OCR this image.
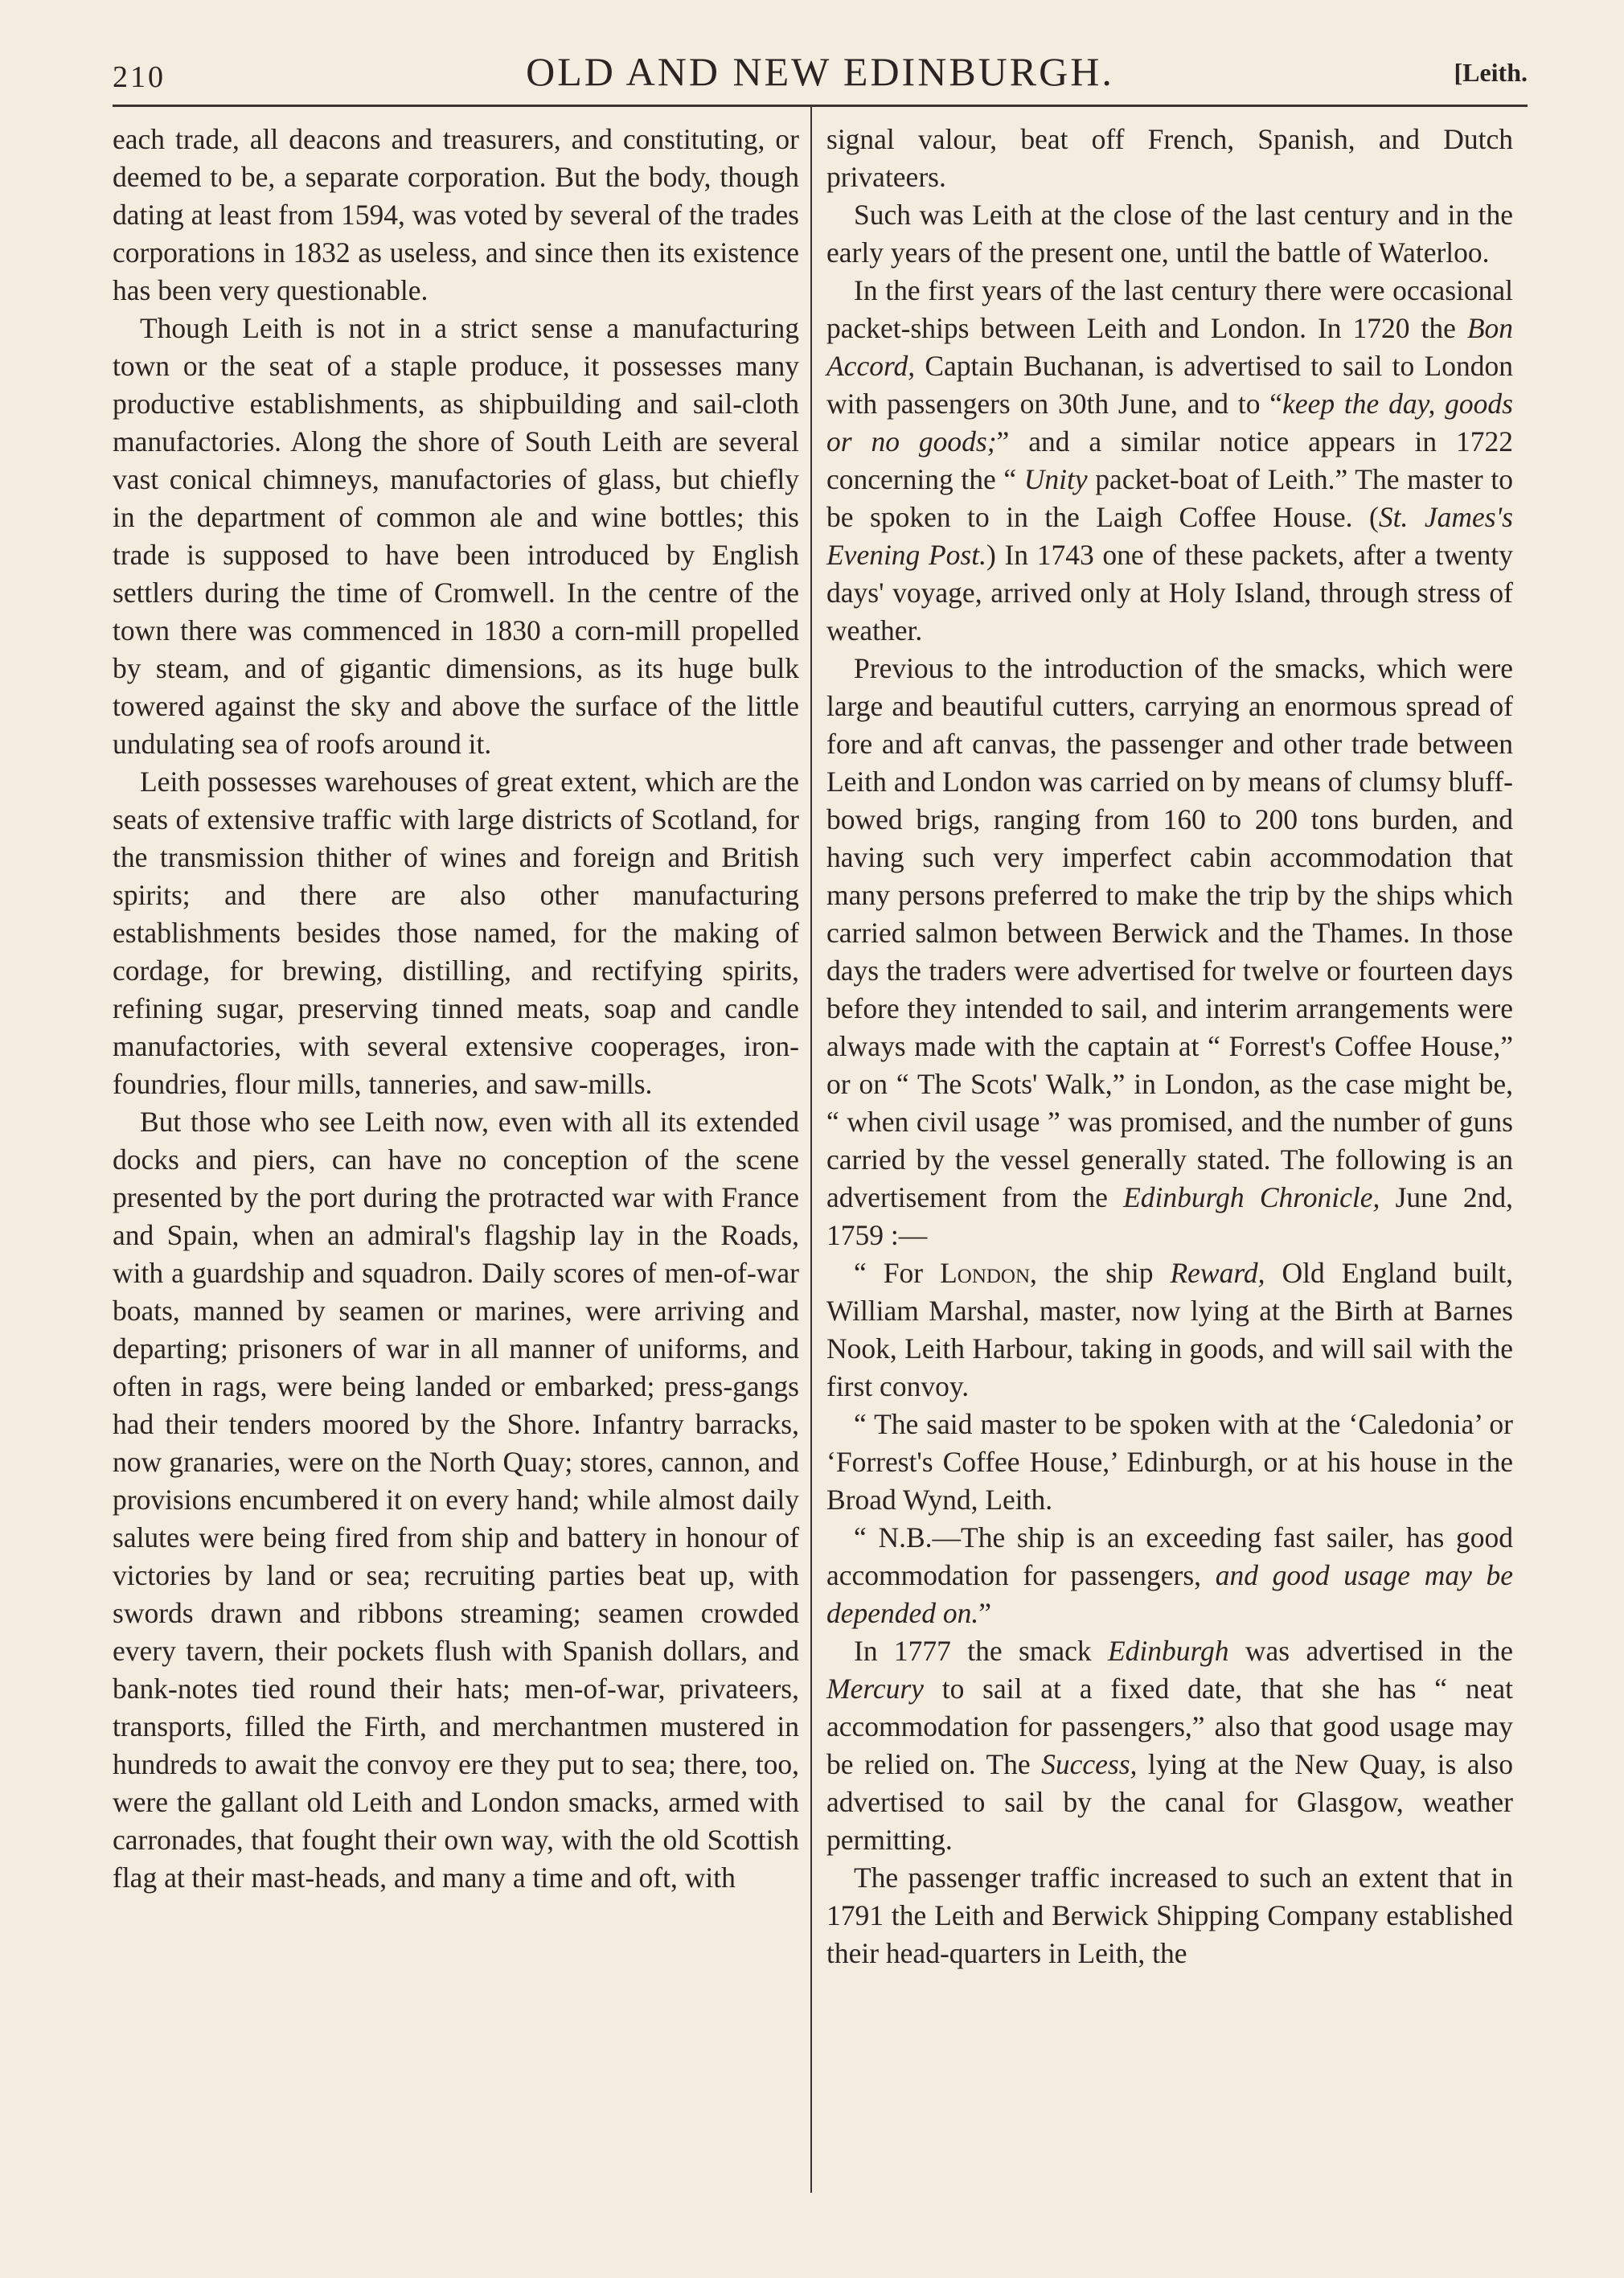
210	OLD AND NEW EDINBURGH.	[Leith.

each trade, all deacons and treasurers, and constituting, or deemed to be, a separate corporation. But the body, though dating at least from 1594, was voted by several of the trades corporations in 1832 as useless, and since then its existence has been very questionable.

Though Leith is not in a strict sense a manufacturing town or the seat of a staple produce, it possesses many productive establishments, as shipbuilding and sail-cloth manufactories. Along the shore of South Leith are several vast conical chimneys, manufactories of glass, but chiefly in the department of common ale and wine bottles; this trade is supposed to have been introduced by English settlers during the time of Cromwell. In the centre of the town there was commenced in 1830 a corn-mill propelled by steam, and of gigantic dimensions, as its huge bulk towered against the sky and above the surface of the little undulating sea of roofs around it.

Leith possesses warehouses of great extent, which are the seats of extensive traffic with large districts of Scotland, for the transmission thither of wines and foreign and British spirits; and there are also other manufacturing establishments besides those named, for the making of cordage, for brewing, distilling, and rectifying spirits, refining sugar, preserving tinned meats, soap and candle manufactories, with several extensive cooperages, iron-foundries, flour mills, tanneries, and saw-mills.

But those who see Leith now, even with all its extended docks and piers, can have no conception of the scene presented by the port during the protracted war with France and Spain, when an admiral's flagship lay in the Roads, with a guardship and squadron. Daily scores of men-of-war boats, manned by seamen or marines, were arriving and departing; prisoners of war in all manner of uniforms, and often in rags, were being landed or embarked; press-gangs had their tenders moored by the Shore. Infantry barracks, now granaries, were on the North Quay; stores, cannon, and provisions encumbered it on every hand; while almost daily salutes were being fired from ship and battery in honour of victories by land or sea; recruiting parties beat up, with swords drawn and ribbons streaming; seamen crowded every tavern, their pockets flush with Spanish dollars, and bank-notes tied round their hats; men-of-war, privateers, transports, filled the Firth, and merchantmen mustered in hundreds to await the convoy ere they put to sea; there, too, were the gallant old Leith and London smacks, armed with carronades, that fought their own way, with the old Scottish flag at their mast-heads, and many a time and oft, with

signal valour, beat off French, Spanish, and Dutch privateers.

Such was Leith at the close of the last century and in the early years of the present one, until the battle of Waterloo.

In the first years of the last century there were occasional packet-ships between Leith and London. In 1720 the Bon Accord, Captain Buchanan, is advertised to sail to London with passengers on 30th June, and to “keep the day, goods or no goods;” and a similar notice appears in 1722 concerning the “ Unity packet-boat of Leith.” The master to be spoken to in the Laigh Coffee House. (St. James's Evening Post.) In 1743 one of these packets, after a twenty days' voyage, arrived only at Holy Island, through stress of weather.

Previous to the introduction of the smacks, which were large and beautiful cutters, carrying an enormous spread of fore and aft canvas, the passenger and other trade between Leith and London was carried on by means of clumsy bluff-bowed brigs, ranging from 160 to 200 tons burden, and having such very imperfect cabin accommodation that many persons preferred to make the trip by the ships which carried salmon between Berwick and the Thames. In those days the traders were advertised for twelve or fourteen days before they intended to sail, and interim arrangements were always made with the captain at “ Forrest's Coffee House,” or on “ The Scots' Walk,” in London, as the case might be, “ when civil usage ” was promised, and the number of guns carried by the vessel generally stated. The following is an advertisement from the Edinburgh Chronicle, June 2nd, 1759 :—

“ For London, the ship Reward, Old England built, William Marshal, master, now lying at the Birth at Barnes Nook, Leith Harbour, taking in goods, and will sail with the first convoy.

“ The said master to be spoken with at the ‘Caledonia’ or ‘Forrest's Coffee House,’ Edinburgh, or at his house in the Broad Wynd, Leith.

“ N.B.—The ship is an exceeding fast sailer, has good accommodation for passengers, and good usage may be depended on.”

In 1777 the smack Edinburgh was advertised in the Mercury to sail at a fixed date, that she has “ neat accommodation for passengers,” also that good usage may be relied on. The Success, lying at the New Quay, is also advertised to sail by the canal for Glasgow, weather permitting.

The passenger traffic increased to such an extent that in 1791 the Leith and Berwick Shipping Company established their head-quarters in Leith, the
